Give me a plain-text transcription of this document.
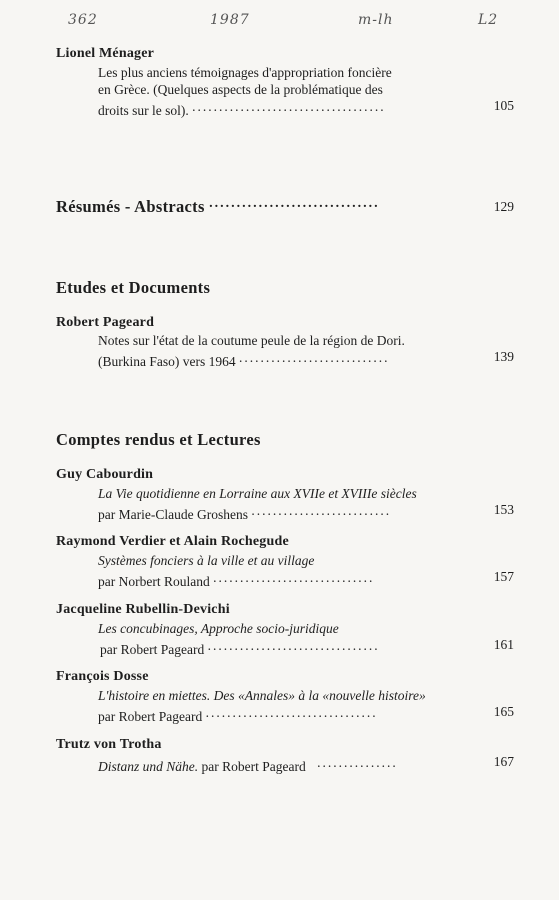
362	1987	m-lh	L2
Lionel Ménager
Les plus anciens témoignages d'appropriation foncière
en Grèce. (Quelques aspects de la problématique des
droits sur le sol). ....................................	105
Résumés - Abstracts ...............................	129
Etudes et Documents
Robert Pageard
Notes sur l'état de la coutume peule de la région de Dori.
(Burkina Faso) vers 1964 ............................	139
Comptes rendus et Lectures
Guy Cabourdin
La Vie quotidienne en Lorraine aux XVIIe et XVIIIe siècles
par Marie-Claude Groshens ..........................	153
Raymond Verdier et Alain Rochegude
Systèmes fonciers à la ville et au village
par Norbert Rouland ..............................	157
Jacqueline Rubellin-Devichi
Les concubinages, Approche socio-juridique
par Robert Pageard ................................	161
François Dosse
L'histoire en miettes. Des «Annales» à la «nouvelle histoire»
par Robert Pageard ................................	165
Trutz von Trotha
Distanz und Nähe. par Robert Pageard ...............	167
